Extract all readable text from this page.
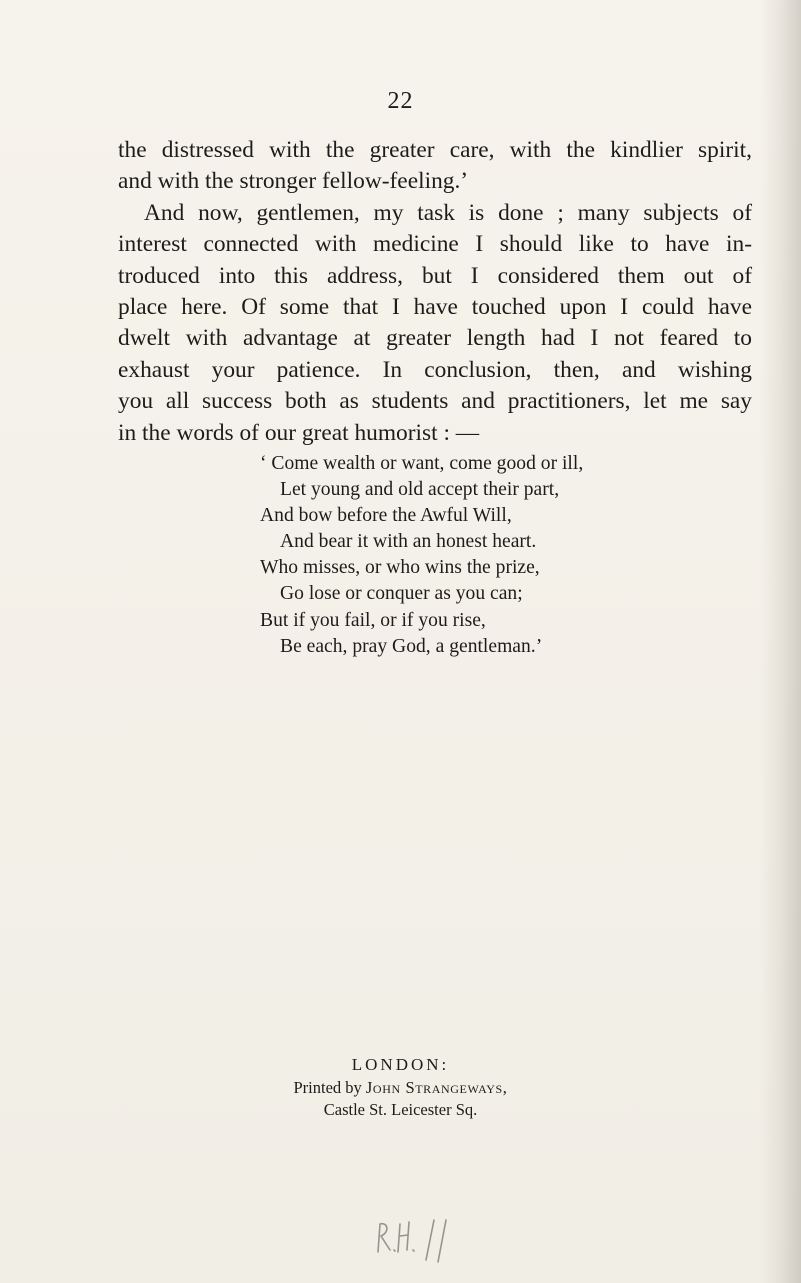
22
the distressed with the greater care, with the kindlier spirit,
and with the stronger fellow-feeling.’
And now, gentlemen, my task is done ; many subjects of
interest connected with medicine I should like to have in-
troduced into this address, but I considered them out of
place here. Of some that I have touched upon I could have
dwelt with advantage at greater length had I not feared to
exhaust your patience. In conclusion, then, and wishing
you all success both as students and practitioners, let me say
in the words of our great humorist : —
‘ Come wealth or want, come good or ill,
Let young and old accept their part,
And bow before the Awful Will,
And bear it with an honest heart.
Who misses, or who wins the prize,
Go lose or conquer as you can;
But if you fail, or if you rise,
Be each, pray God, a gentleman.’
LONDON:
Printed by John Strangeways,
Castle St. Leicester Sq.
